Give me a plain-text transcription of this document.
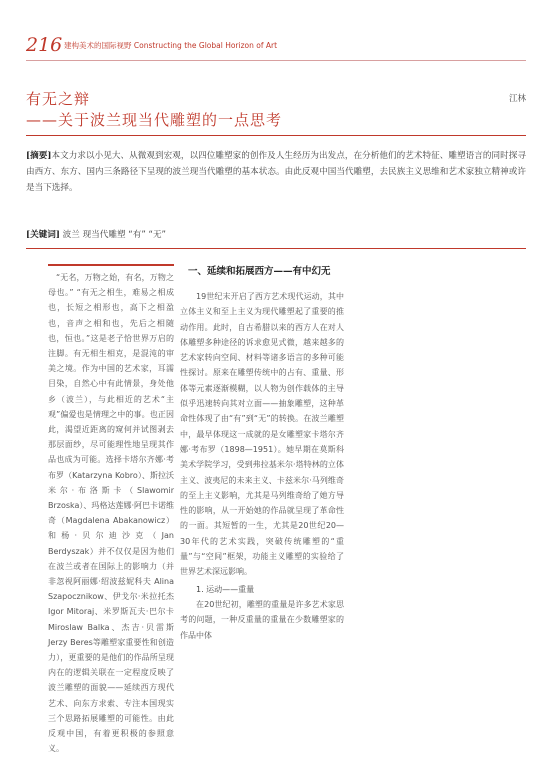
216 建构美术的国际视野 Constructing the Global Horizon of Art
有无之辩
——关于波兰现当代雕塑的一点思考
江林
[摘要]本文力求以小见大、从微观到宏观，以四位雕塑家的创作及人生经历为出发点，在分析他们的艺术特征、雕塑语言的同时探寻由西方、东方、国内三条路径下呈现的波兰现当代雕塑的基本状态。由此反观中国当代雕塑，去民族主义思维和艺术家独立精神或许是当下选择。
[关键词] 波兰 现当代雕塑 “有” “无”

“无名，万物之始，有名，万物之母也。” “有无之相生，难易之相成也，长短之相形也，高下之相盈也，音声之相和也，先后之相随也，恒也。”这是老子恰世界万启的注脚。有无相生相克，是混沌的审美之境。作为中国的艺术家，耳濡目染，自然心中有此情景，身处他乡（波兰），与此相近的艺术“主观”偏爱也是情理之中的事。也正因此，渴望近距离的窥何并试图剥去那层面纱，尽可能理性地呈现其作品也成为可能。选择卡塔尔齐娜·考布罗（Katarzyna Kobro）、斯拉沃米尔·布洛斯卡（Slawomir Brzoska）、玛格达莲娜·阿巴卡诺维奇（Magdalena Abakanowicz）和杨·贝尔迪沙克（Jan Berdyszak）并不仅仅是因为他们在波兰或者在国际上的影响力（并非忽视阿丽娜·绍波兹妮科夫 Alina Szapocznikow、伊戈尔·米拉托杰Igor Mitoraj、米罗斯瓦夫·巴尔卡Miroslaw Balka、杰吉·贝雷斯Jerzy Beres等雕塑家重要性和创造力），更重要的是他们的作品所呈现内在的逻辑关联在一定程度反映了波兰雕塑的面貌——延续西方现代艺术、向东方求索、专注本国现实三个思路拓展雕塑的可能性。由此反观中国，有着更积极的参照意义。

一、延续和拓展西方——有中幻无

19世纪末开启了西方艺术现代运动，其中立体主义和至上主义为现代雕塑起了重要的推动作用。此时，自古希腊以来的西方人在对人体雕塑多种途径的诉求愈见式微，越来越多的艺术家转向空间、材料等诸多语言的多种可能性探讨。原来在雕塑传统中的占有、重量、形体等元素逐渐模糊，以人物为创作载体的主导似乎迅速转向其对立面——抽象雕塑，这种革命性体现了由“有”到“无”的转换。在波兰雕塑中，最早体现这一成就的是女雕塑家卡塔尔齐娜·考布罗（1898—1951）。她早期在莫斯科美术学院学习，受到弗拉基米尔·塔特林的立体主义、波夷尼的未来主义、卡兹米尔·马列维奇的至上主义影响，尤其是马列维奇给了她方导性的影响，从一开始她的作品就呈现了革命性的一面。其短暂的一生，尤其是20世纪20—30年代的艺术实践，突破传统雕塑的“重量”与“空间”框架，功能主义雕塑的实验给了世界艺术深远影响。

1. 运动——重量

在20世纪初，雕塑的重量是许多艺术家思考的问题，一种反重量的重量在少数雕塑家的作品中体
